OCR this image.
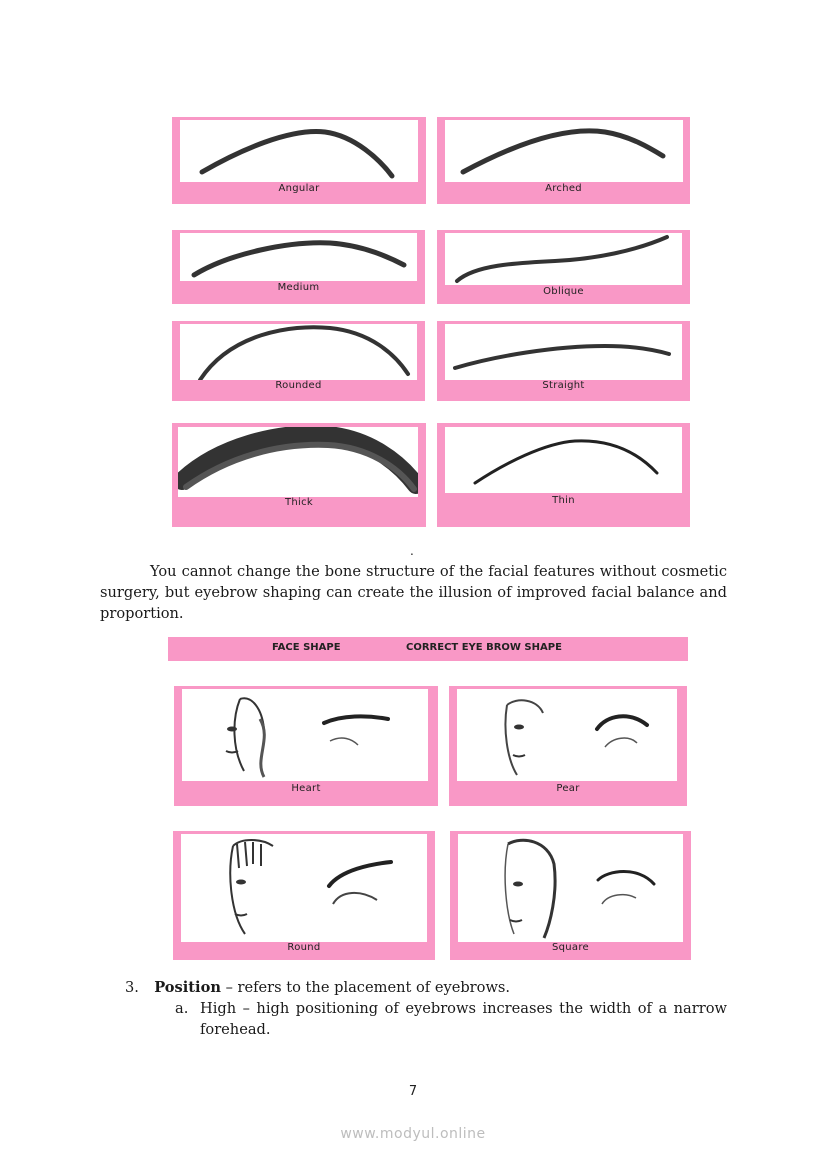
Angular	Arched
Medium	Oblique
Rounded	Straight
Thick	Thin
.
You cannot change the bone structure of the facial features without cosmetic surgery, but eyebrow shaping can create the illusion of improved facial balance and proportion.
FACE SHAPE	CORRECT EYE BROW SHAPE
Heart	Pear
Round	Square
3. Position – refers to the placement of eyebrows.
a. High – high positioning of eyebrows increases the width of a narrow forehead.
7
www.modyul.online
